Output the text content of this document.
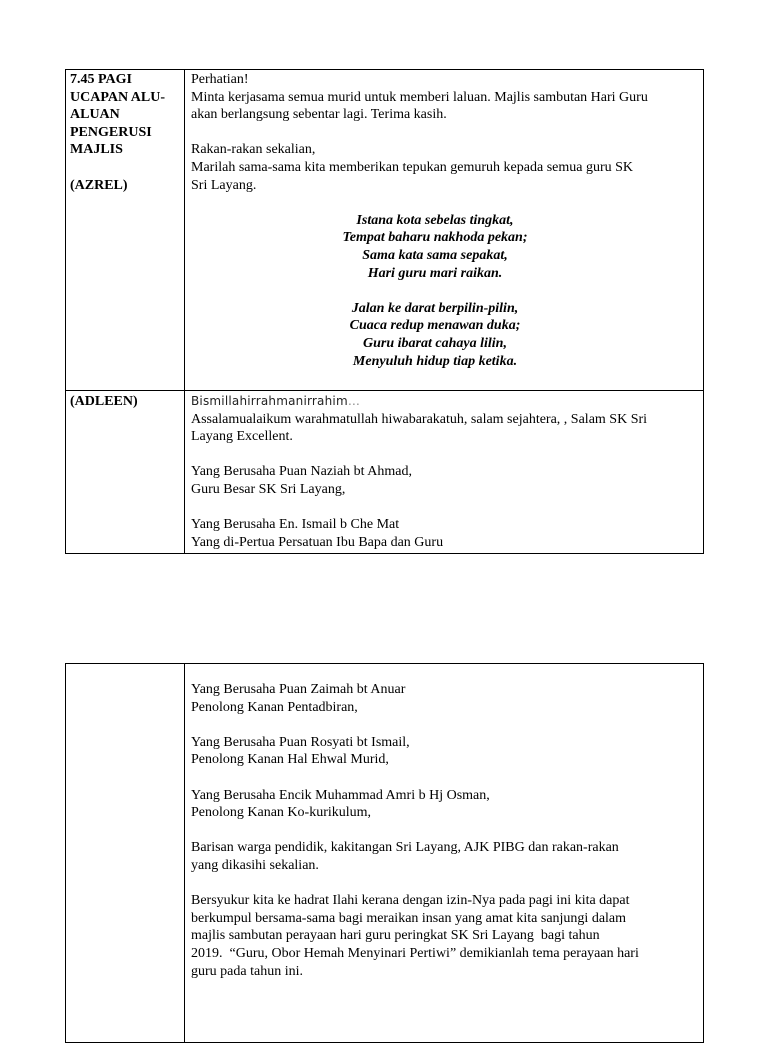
7.45 PAGI
UCAPAN ALU-
ALUAN
PENGERUSI
MAJLIS
(AZREL)

Perhatian!

Minta kerjasama semua murid untuk memberi laluan. Majlis sambutan Hari Guru

akan berlangsung sebentar lagi. Terima kasih.

Rakan-rakan sekalian,

Marilah sama-sama kita memberikan tepukan gemuruh kepada semua guru SK

Sri Layang.

Istana kota sebelas tingkat,

Tempat baharu nakhoda pekan;

Sama kata sama sepakat,

Hari guru mari raikan.

Jalan ke darat berpilin-pilin,

Cuaca redup menawan duka;

Guru ibarat cahaya lilin,

Menyuluh hidup tiap ketika.

(ADLEEN)	Bismillahirrahmanirrahim…

Assalamualaikum warahmatullah hiwabarakatuh, salam sejahtera, , Salam SK Sri

Layang Excellent.

Yang Berusaha Puan Naziah bt Ahmad,

Guru Besar SK Sri Layang,

Yang Berusaha En. Ismail b Che Mat

Yang di-Pertua Persatuan Ibu Bapa dan Guru

Yang Berusaha Puan Zaimah bt Anuar

Penolong Kanan Pentadbiran,

Yang Berusaha Puan Rosyati bt Ismail,

Penolong Kanan Hal Ehwal Murid,

Yang Berusaha Encik Muhammad Amri b Hj Osman,

Penolong Kanan Ko-kurikulum,

Barisan warga pendidik, kakitangan Sri Layang, AJK PIBG dan rakan-rakan

yang dikasihi sekalian.

Bersyukur kita ke hadrat Ilahi kerana dengan izin-Nya pada pagi ini kita dapat

berkumpul bersama-sama bagi meraikan insan yang amat kita sanjungi dalam

majlis sambutan perayaan hari guru peringkat SK Sri Layang  bagi tahun

2019.  “Guru, Obor Hemah Menyinari Pertiwi” demikianlah tema perayaan hari

guru pada tahun ini.
